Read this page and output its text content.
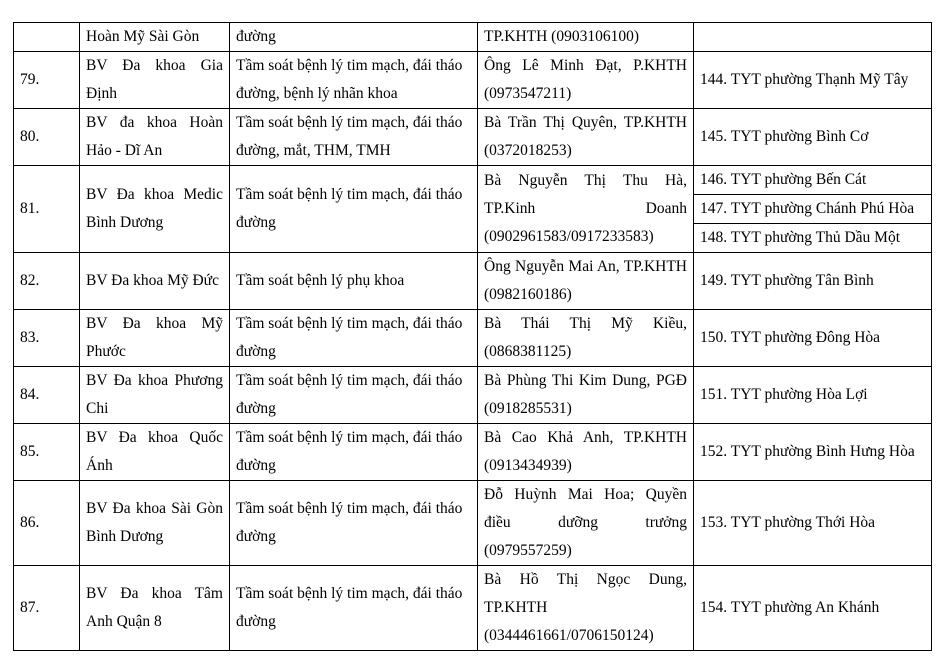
	Hoàn Mỹ Sài Gòn	đường	TP.KHTH (0903106100)	
79.	BV Đa khoa Gia Định	Tầm soát bệnh lý tim mạch, đái tháo đường, bệnh lý nhãn khoa	Ông Lê Minh Đạt, P.KHTH (0973547211)	144. TYT phường Thạnh Mỹ Tây
80.	BV đa khoa Hoàn Hảo - Dĩ An	Tầm soát bệnh lý tim mạch, đái tháo đường, mắt, THM, TMH	Bà Trần Thị Quyên, TP.KHTH (0372018253)	145. TYT phường Bình Cơ
81.	BV Đa khoa Medic Bình Dương	Tầm soát bệnh lý tim mạch, đái tháo đường	Bà Nguyễn Thị Thu Hà, TP.Kinh Doanh (0902961583/0917233583)	146. TYT phường Bến Cát
147. TYT phường Chánh Phú Hòa
148. TYT phường Thủ Dầu Một

82.	BV Đa khoa Mỹ Đức	Tầm soát bệnh lý phụ khoa	Ông Nguyễn Mai An, TP.KHTH (0982160186)	149. TYT phường Tân Bình
83.	BV Đa khoa Mỹ Phước	Tầm soát bệnh lý tim mạch, đái tháo đường	Bà Thái Thị Mỹ Kiều, (0868381125)	150. TYT phường Đông Hòa
84.	BV Đa khoa Phương Chi	Tầm soát bệnh lý tim mạch, đái tháo đường	Bà Phùng Thi Kim Dung, PGĐ (0918285531)	151. TYT phường Hòa Lợi
85.	BV Đa khoa Quốc Ánh	Tầm soát bệnh lý tim mạch, đái tháo đường	Bà Cao Khả Anh, TP.KHTH (0913434939)	152. TYT phường Bình Hưng Hòa
86.	BV Đa khoa Sài Gòn Bình Dương	Tầm soát bệnh lý tim mạch, đái tháo đường	Đỗ Huỳnh Mai Hoa; Quyền điều dưỡng trưởng (0979557259)	153. TYT phường Thới Hòa
87.	BV Đa khoa Tâm Anh Quận 8	Tầm soát bệnh lý tim mạch, đái tháo đường	Bà Hồ Thị Ngọc Dung, TP.KHTH (0344461661/0706150124)	154. TYT phường An Khánh
